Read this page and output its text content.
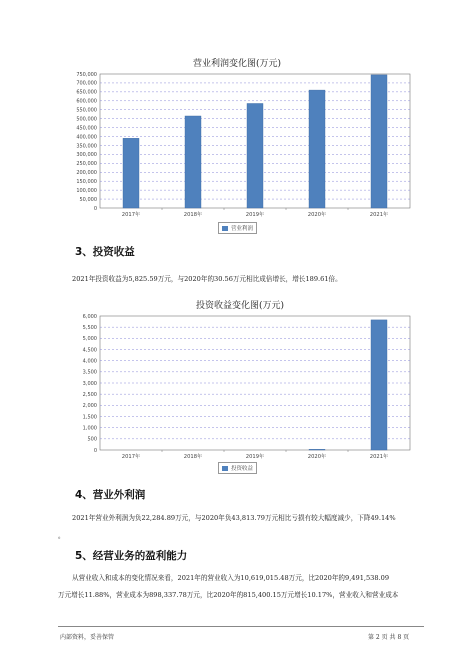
营业利润变化图(万元)
0
50,000
100,000
150,000
200,000
250,000
300,000
350,000
400,000
450,000
500,000
550,000
600,000
650,000
700,000
750,000
2017年	2018年	2019年	2020年	2021年
营业利润
3、投资收益
2021年投资收益为5,825.59万元，与2020年的30.56万元相比成倍增长，增长189.61倍。
投资收益变化图(万元)
0
500
1,000
1,500
2,000
2,500
3,000
3,500
4,000
4,500
5,000
5,500
6,000
2017年	2018年	2019年	2020年	2021年
投资收益
4、营业外利润
2021年营业外利润为负22,284.89万元，与2020年负43,813.79万元相比亏损有较大幅度减少，下降49.14%
。
5、经营业务的盈利能力
从营业收入和成本的变化情况来看，2021年的营业收入为10,619,015.48万元，比2020年的9,491,538.09
万元增长11.88%，营业成本为898,337.78万元，比2020年的815,400.15万元增长10.17%，营业收入和营业成本
内部资料，妥善保管	第 2 页 共 8 页
